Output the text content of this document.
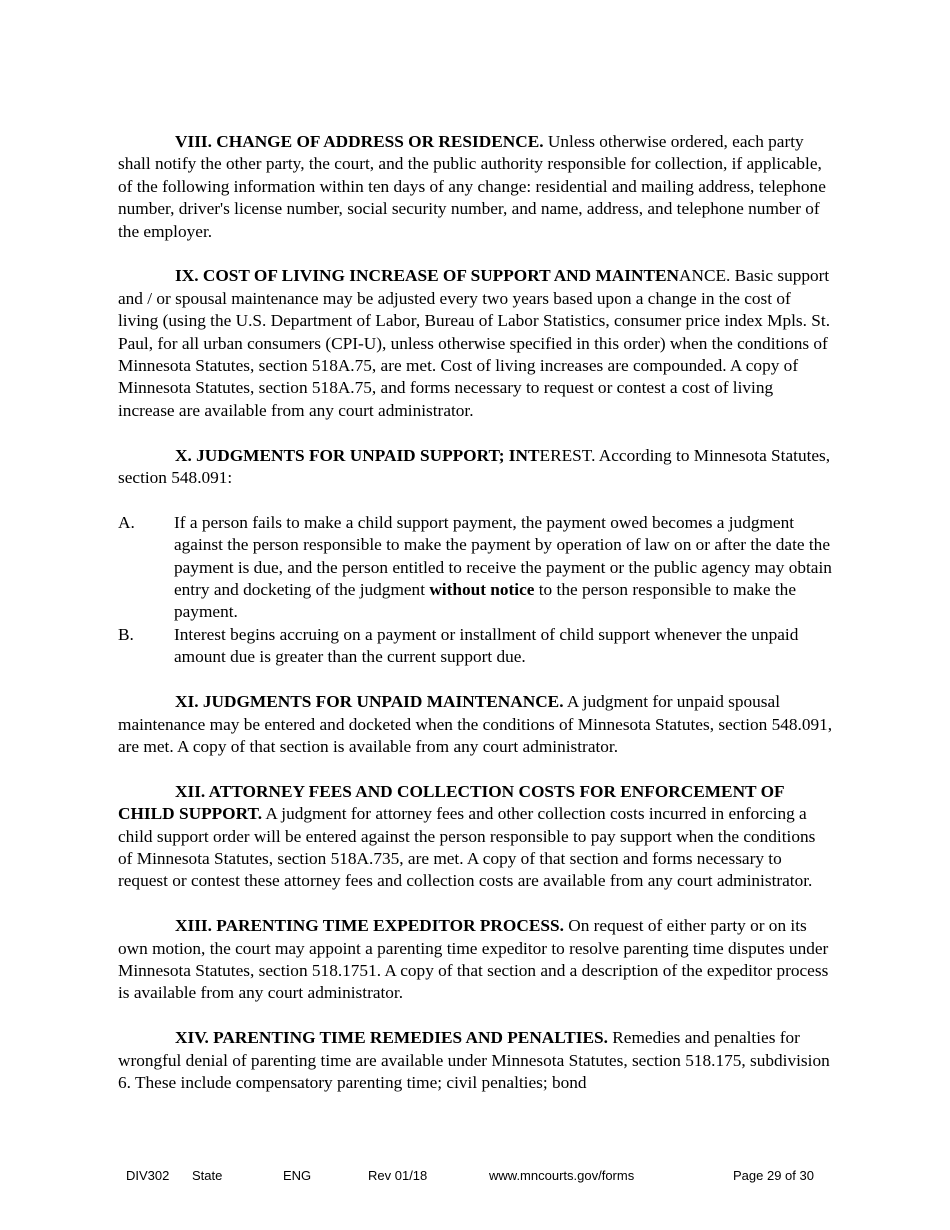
VIII. CHANGE OF ADDRESS OR RESIDENCE. Unless otherwise ordered, each party shall notify the other party, the court, and the public authority responsible for collection, if applicable, of the following information within ten days of any change: residential and mailing address, telephone number, driver's license number, social security number, and name, address, and telephone number of the employer.

IX. COST OF LIVING INCREASE OF SUPPORT AND MAINTENANCE. Basic support and / or spousal maintenance may be adjusted every two years based upon a change in the cost of living (using the U.S. Department of Labor, Bureau of Labor Statistics, consumer price index Mpls. St. Paul, for all urban consumers (CPI-U), unless otherwise specified in this order) when the conditions of Minnesota Statutes, section 518A.75, are met. Cost of living increases are compounded. A copy of Minnesota Statutes, section 518A.75, and forms necessary to request or contest a cost of living increase are available from any court administrator.

X. JUDGMENTS FOR UNPAID SUPPORT; INTEREST. According to Minnesota Statutes, section 548.091:

A.	If a person fails to make a child support payment, the payment owed becomes a judgment against the person responsible to make the payment by operation of law on or after the date the payment is due, and the person entitled to receive the payment or the public agency may obtain entry and docketing of the judgment without notice to the person responsible to make the payment.
B.	Interest begins accruing on a payment or installment of child support whenever the unpaid amount due is greater than the current support due.

XI. JUDGMENTS FOR UNPAID MAINTENANCE. A judgment for unpaid spousal maintenance may be entered and docketed when the conditions of Minnesota Statutes, section 548.091, are met. A copy of that section is available from any court administrator.

XII. ATTORNEY FEES AND COLLECTION COSTS FOR ENFORCEMENT OF CHILD SUPPORT. A judgment for attorney fees and other collection costs incurred in enforcing a child support order will be entered against the person responsible to pay support when the conditions of Minnesota Statutes, section 518A.735, are met. A copy of that section and forms necessary to request or contest these attorney fees and collection costs are available from any court administrator.

XIII. PARENTING TIME EXPEDITOR PROCESS. On request of either party or on its own motion, the court may appoint a parenting time expeditor to resolve parenting time disputes under Minnesota Statutes, section 518.1751. A copy of that section and a description of the expeditor process is available from any court administrator.

XIV. PARENTING TIME REMEDIES AND PENALTIES. Remedies and penalties for wrongful denial of parenting time are available under Minnesota Statutes, section 518.175, subdivision 6. These include compensatory parenting time; civil penalties; bond

DIV302 State	ENG	Rev 01/18	www.mncourts.gov/forms	Page 29 of 30
